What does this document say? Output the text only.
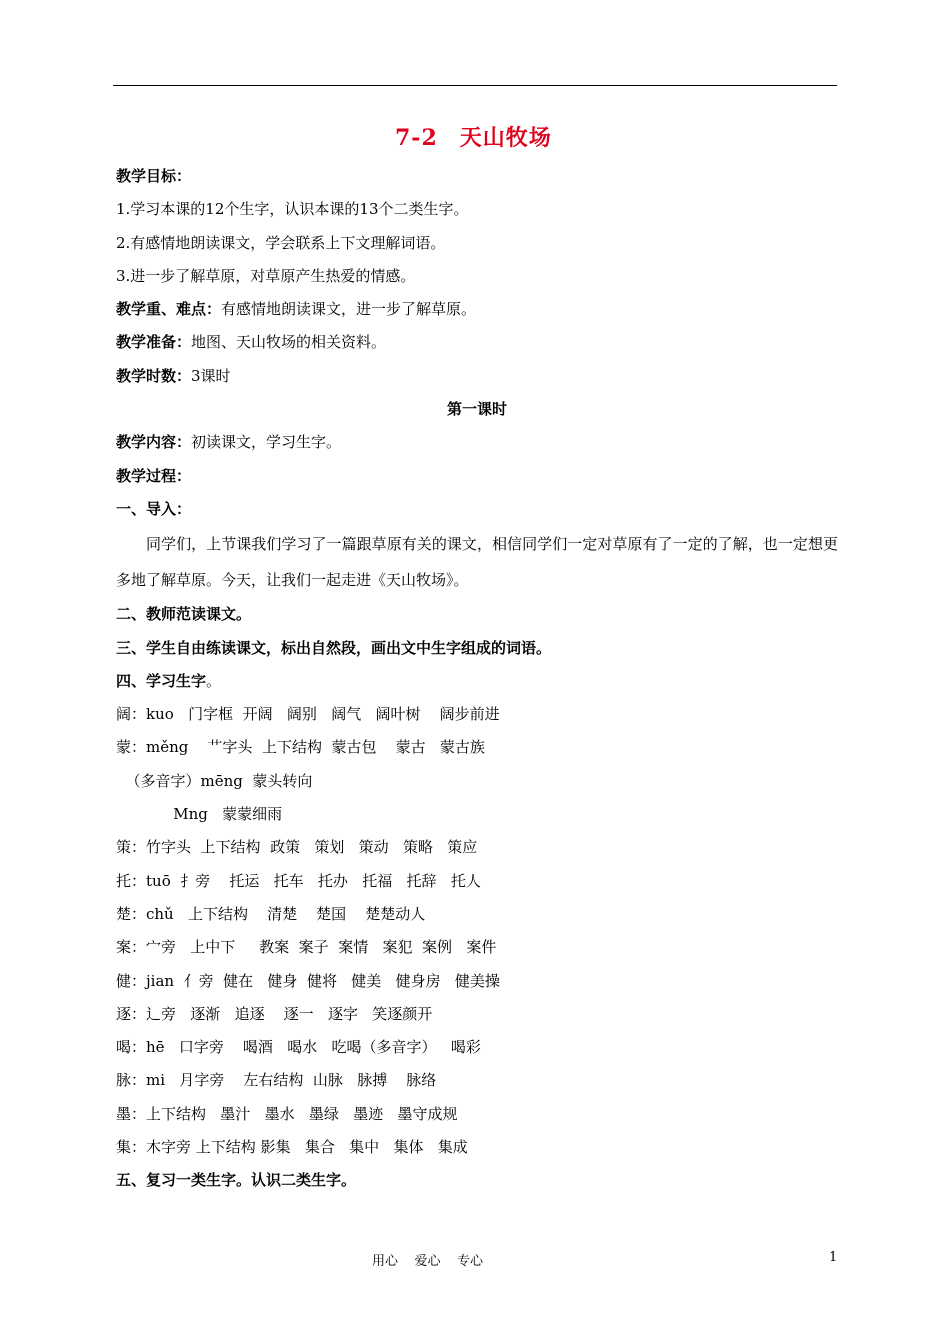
7-2 天山牧场
教学目标：
1.学习本课的12个生字，认识本课的13个二类生字。
2.有感情地朗读课文，学会联系上下文理解词语。
3.进一步了解草原，对草原产生热爱的情感。
教学重、难点：有感情地朗读课文，进一步了解草原。
教学准备：地图、天山牧场的相关资料。
教学时数：3课时
第一课时
教学内容：初读课文，学习生字。
教学过程：
一、导入：
同学们，上节课我们学习了一篇跟草原有关的课文，相信同学们一定对草原有了一定的了解，也一定想更多地了解草原。今天，让我们一起走进《天山牧场》。
二、教师范读课文。
三、学生自由练读课文，标出自然段，画出文中生字组成的词语。
四、学习生字。
阔：kuo   门字框  开阔   阔别   阔气   阔叶树    阔步前进
蒙：měng    艹字头  上下结构  蒙古包    蒙古   蒙古族
（多音字）mēng  蒙头转向
Mng   蒙蒙细雨
策：竹字头  上下结构  政策   策划   策动   策略   策应
托：tuō  扌旁    托运   托车   托办   托福   托辞   托人
楚：chǔ   上下结构    清楚    楚国    楚楚动人
案：宀旁   上中下     教案  案子  案情   案犯  案例   案件
健：jian  亻旁  健在   健身  健将   健美   健身房   健美操
逐：辶旁   逐渐   追逐    逐一   逐字   笑逐颜开
喝：hē   口字旁    喝酒   喝水   吃喝（多音字）   喝彩
脉：mi   月字旁    左右结构  山脉   脉搏    脉络
墨：上下结构   墨汁   墨水   墨绿   墨迹   墨守成规
集：木字旁 上下结构 影集   集合   集中   集体   集成
五、复习一类生字。认识二类生字。
用心    爱心    专心	1
